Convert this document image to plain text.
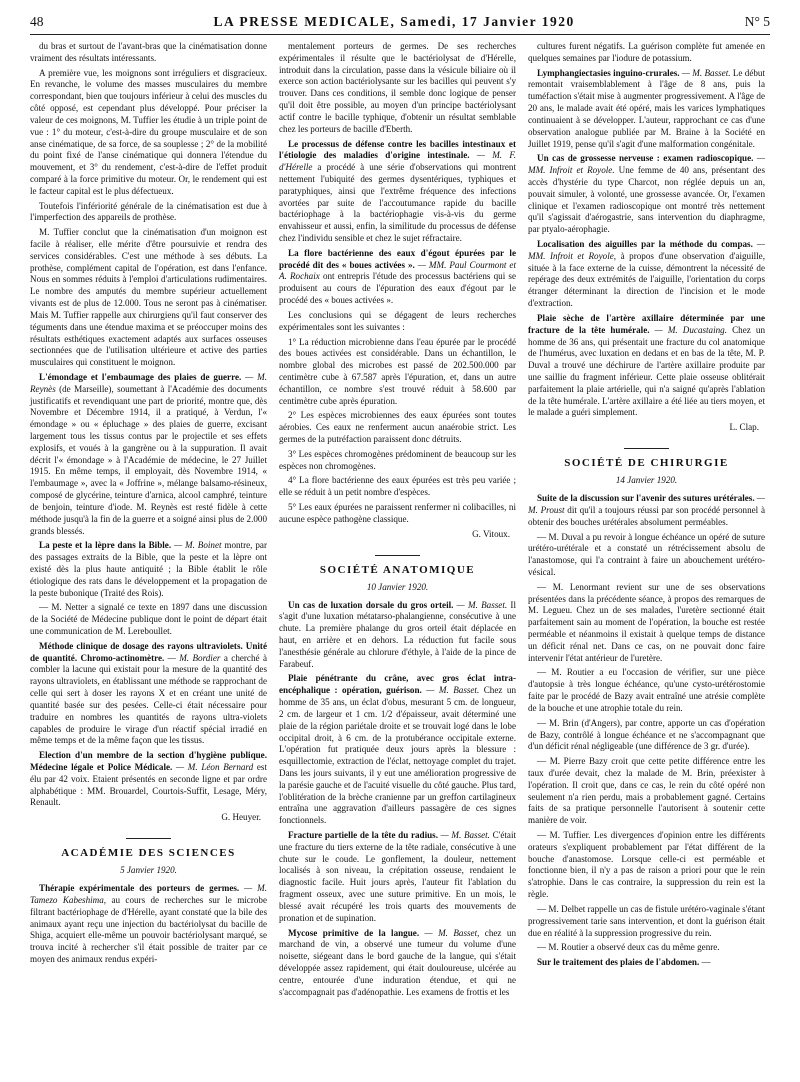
48	LA PRESSE MEDICALE, Samedi, 17 Janvier 1920	N° 5

du bras et surtout de l'avant-bras que la cinématisation donne vraiment des résultats intéressants.

A première vue, les moignons sont irréguliers et disgracieux. En revanche, le volume des masses musculaires du membre correspondant, bien que toujours inférieur à celui des muscles du côté opposé, est cependant plus développé. Pour préciser la valeur de ces moignons, M. Tuffier les étudie à un triple point de vue : 1° du moteur, c'est-à-dire du groupe musculaire et de son anse cinématique, de sa force, de sa souplesse ; 2° de la mobilité du point fixé de l'anse cinématique qui donnera l'étendue du mouvement, et 3° du rendement, c'est-à-dire de l'effet produit comparé à la force primitive du moteur. Or, le rendement qui est le facteur capital est le plus défectueux.

Toutefois l'infériorité générale de la cinématisation est due à l'imperfection des appareils de prothèse.

M. Tuffier conclut que la cinématisation d'un moignon est facile à réaliser, elle mérite d'être poursuivie et rendra des services considérables. C'est une méthode à ses débuts. La prothèse, complément capital de l'opération, est dans l'enfance. Nous en sommes réduits à l'emploi d'articulations rudimentaires. Le nombre des amputés du membre supérieur actuellement vivants est de plus de 12.000. Tous ne seront pas à cinématiser. Mais M. Tuffier rappelle aux chirurgiens qu'il faut conserver des téguments dans une étendue maxima et se préoccuper moins des résultats esthétiques exactement adaptés aux surfaces osseuses sectionnées que de l'utilisation ultérieure et active des parties musculaires qui constituent le moignon.

L'émondage et l'embaumage des plaies de guerre. — M. Reynès (de Marseille), soumettant à l'Académie des documents justificatifs et revendiquant une part de priorité, montre que, dès Novembre et Décembre 1914, il a pratiqué, à Verdun, l'« émondage » ou « épluchage » des plaies de guerre, excisant largement tous les tissus contus par le projectile et ses effets explosifs, et voués à la gangrène ou à la suppuration. Il avait décrit l'« émondage » à l'Académie de médecine, le 27 Juillet 1915. En même temps, il employait, dès Novembre 1914, « l'embaumage », avec la « Joffrine », mélange balsamo-résineux, composé de glycérine, teinture d'arnica, alcool camphré, teinture de benjoin, teinture d'iode. M. Reynès est resté fidèle à cette méthode jusqu'à la fin de la guerre et a soigné ainsi plus de 2.000 grands blessés.

La peste et la lèpre dans la Bible. — M. Boinet montre, par des passages extraits de la Bible, que la peste et la lèpre ont existé dès la plus haute antiquité ; la Bible établit le rôle étiologique des rats dans le développement et la propagation de la peste bubonique (Traité des Rois).

— M. Netter a signalé ce texte en 1897 dans une discussion de la Société de Médecine publique dont le point de départ était une communication de M. Lereboullet.

Méthode clinique de dosage des rayons ultraviolets. Unité de quantité. Chromo-actinomètre. — M. Bordier a cherché à combler la lacune qui existait pour la mesure de la quantité des rayons ultraviolets, en établissant une méthode se rapprochant de celle qui sert à doser les rayons X et en créant une unité de quantité basée sur des pesées. Celle-ci était nécessaire pour traduire en nombres les quantités de rayons ultra-violets capables de produire le virage d'un réactif spécial irradié en même temps et de la même façon que les tissus.

Election d'un membre de la section d'hygiène publique. Médecine légale et Police Médicale. — M. Léon Bernard est élu par 42 voix. Etaient présentés en seconde ligne et par ordre alphabétique : MM. Brouardel, Courtois-Suffit, Lesage, Méry, Renault.

G. Heuyer.
ACADÉMIE DES SCIENCES
5 Janvier 1920.

Thérapie expérimentale des porteurs de germes. — M. Tamezo Kabeshima, au cours de recherches sur le microbe filtrant bactériophage de d'Hérelle, ayant constaté que la bile des animaux ayant reçu une injection du bactériolysat du bacille de Shiga, acquiert elle-même un pouvoir bactériolysant marqué, se trouva incité à rechercher s'il était possible de traiter par ce moyen des animaux rendus expéri-

mentalement porteurs de germes. De ses recherches expérimentales il résulte que le bactériolysat de d'Hérelle, introduit dans la circulation, passe dans la vésicule biliaire où il exerce son action bactériolysante sur les bacilles qui peuvent s'y trouver. Dans ces conditions, il semble donc logique de penser qu'il doit être possible, au moyen d'un principe bactériolysant actif contre le bacille typhique, d'obtenir un résultat semblable chez les porteurs de bacille d'Eberth.

Le processus de défense contre les bacilles intestinaux et l'étiologie des maladies d'origine intestinale. — M. F. d'Hérelle a procédé à une série d'observations qui montrent nettement l'ubiquité des germes dysentériques, typhiques et paratyphiques, ainsi que l'extrême fréquence des infections avortées par suite de l'accoutumance rapide du bacille bactériophage à la bactériophagie vis-à-vis du germe envahisseur et aussi, enfin, la similitude du processus de défense chez l'individu sensible et chez le sujet réfractaire.

La flore bactérienne des eaux d'égout épurées par le procédé dit des « boues activées ». — MM. Paul Courmont et A. Rochaix ont entrepris l'étude des processus bactériens qui se produisent au cours de l'épuration des eaux d'égout par le procédé des « boues activées ».

Les conclusions qui se dégagent de leurs recherches expérimentales sont les suivantes :

1° La réduction microbienne dans l'eau épurée par le procédé des boues activées est considérable. Dans un échantillon, le nombre global des microbes est passé de 202.500.000 par centimètre cube à 67.587 après l'épuration, et, dans un autre échantillon, ce nombre s'est trouvé réduit à 58.600 par centimètre cube après épuration.

2° Les espèces microbiennes des eaux épurées sont toutes aérobies. Ces eaux ne renferment aucun anaérobie strict. Les germes de la putréfaction paraissent donc détruits.

3° Les espèces chromogènes prédominent de beaucoup sur les espèces non chromogènes.

4° La flore bactérienne des eaux épurées est très peu variée ; elle se réduit à un petit nombre d'espèces.

5° Les eaux épurées ne paraissent renfermer ni colibacilles, ni aucune espèce pathogène classique.

G. Vitoux.
SOCIÉTÉ ANATOMIQUE
10 Janvier 1920.

Un cas de luxation dorsale du gros orteil. — M. Basset. Il s'agit d'une luxation métatarso-phalangienne, consécutive à une chute. La première phalange du gros orteil était déplacée en haut, en arrière et en dehors. La réduction fut facile sous l'anesthésie générale au chlorure d'éthyle, à l'aide de la pince de Farabeuf.

Plaie pénétrante du crâne, avec gros éclat intra-encéphalique : opération, guérison. — M. Basset. Chez un homme de 35 ans, un éclat d'obus, mesurant 5 cm. de longueur, 2 cm. de largeur et 1 cm. 1/2 d'épaisseur, avait déterminé une plaie de la région pariétale droite et se trouvait logé dans le lobe occipital droit, à 6 cm. de la protubérance occipitale externe. L'opération fut pratiquée deux jours après la blessure : esquillectomie, extraction de l'éclat, nettoyage complet du trajet. Dans les jours suivants, il y eut une amélioration progressive de la parésie gauche et de l'acuité visuelle du côté gauche. Plus tard, l'oblitération de la brèche cranienne par un greffon cartilagineux entraîna une aggravation d'ailleurs passagère de ces signes fonctionnels.

Fracture partielle de la tête du radius. — M. Basset. C'était une fracture du tiers externe de la tête radiale, consécutive à une chute sur le coude. Le gonflement, la douleur, nettement localisés à son niveau, la crépitation osseuse, rendaient le diagnostic facile. Huit jours après, l'auteur fit l'ablation du fragment osseux, avec une suture primitive. En un mois, le blessé avait récupéré les trois quarts des mouvements de pronation et de supination.

Mycose primitive de la langue. — M. Basset, chez un marchand de vin, a observé une tumeur du volume d'une noisette, siégeant dans le bord gauche de la langue, qui s'était développée assez rapidement, qui était douloureuse, ulcérée au centre, entourée d'une induration étendue, et qui ne s'accompagnait pas d'adénopathie. Les examens de frottis et les

cultures furent négatifs. La guérison complète fut amenée en quelques semaines par l'iodure de potassium.

Lymphangiectasies inguino-crurales. — M. Basset. Le début remontait vraisemblablement à l'âge de 8 ans, puis la tuméfaction s'était mise à augmenter progressivement. A l'âge de 20 ans, le malade avait été opéré, mais les varices lymphatiques continuaient à se développer. L'auteur, rapprochant ce cas d'une observation analogue publiée par M. Braine à la Société en Juillet 1919, pense qu'il s'agit d'une malformation congénitale.

Un cas de grossesse nerveuse : examen radioscopique. — MM. Infroit et Royole. Une femme de 40 ans, présentant des accès d'hystérie du type Charcot, non réglée depuis un an, pouvait simuler, à volonté, une grossesse avancée. Or, l'examen clinique et l'examen radioscopique ont montré très nettement qu'il s'agissait d'aérogastrie, sans intervention du diaphragme, par ptyalo-aérophagie.

Localisation des aiguilles par la méthode du compas. — MM. Infroit et Royole, à propos d'une observation d'aiguille, située à la face externe de la cuisse, démontrent la nécessité de repérage des deux extrémités de l'aiguille, l'orientation du corps étranger déterminant la direction de l'incision et le mode d'extraction.

Plaie sèche de l'artère axillaire déterminée par une fracture de la tête humérale. — M. Ducastaing. Chez un homme de 36 ans, qui présentait une fracture du col anatomique de l'humérus, avec luxation en dedans et en bas de la tête, M. P. Duval a trouvé une déchirure de l'artère axillaire produite par une saillie du fragment inférieur. Cette plaie osseuse oblitérait parfaitement la plaie artérielle, qui n'a saigné qu'après l'ablation de la tête humérale. L'artère axillaire a été liée au tiers moyen, et le malade a guéri simplement.

L. Clap.
SOCIÉTÉ DE CHIRURGIE
14 Janvier 1920.

Suite de la discussion sur l'avenir des sutures urétérales. — M. Proust dit qu'il a toujours réussi par son procédé personnel à obtenir des bouches urétérales absolument perméables.

— M. Duval a pu revoir à longue échéance un opéré de suture urétéro-urétérale et a constaté un rétrécissement absolu de l'anastomose, qui l'a contraint à faire un abouchement urétéro-vésical.

— M. Lenormant revient sur une de ses observations présentées dans la précédente séance, à propos des remarques de M. Legueu. Chez un de ses malades, l'uretère sectionné était parfaitement sain au moment de l'opération, la bouche est restée perméable et néanmoins il existait à quelque temps de distance un déficit rénal net. Dans ce cas, on ne pouvait donc faire intervenir l'état antérieur de l'uretère.

— M. Routier a eu l'occasion de vérifier, sur une pièce d'autopsie à très longue échéance, qu'une cysto-urétérostomie faite par le procédé de Bazy avait entraîné une atrésie complète de la bouche et une atrophie totale du rein.

— M. Brin (d'Angers), par contre, apporte un cas d'opération de Bazy, contrôlé à longue échéance et ne s'accompagnant que d'un déficit rénal négligeable (une différence de 3 gr. d'urée).

— M. Pierre Bazy croit que cette petite différence entre les taux d'urée devait, chez la malade de M. Brin, préexister à l'opération. Il croit que, dans ce cas, le rein du côté opéré non seulement n'a rien perdu, mais a probablement gagné. Certains faits de sa pratique personnelle l'autorisent à soutenir cette manière de voir.

— M. Tuffier. Les divergences d'opinion entre les différents orateurs s'expliquent probablement par l'état différent de la bouche d'anastomose. Lorsque celle-ci est perméable et fonctionne bien, il n'y a pas de raison a priori pour que le rein s'atrophie. Dans le cas contraire, la suppression du rein est la règle.

— M. Delbet rappelle un cas de fistule urétéro-vaginale s'étant progressivement tarie sans intervention, et dont la guérison était due en réalité à la suppression progressive du rein.

— M. Routier a observé deux cas du même genre.

Sur le traitement des plaies de l'abdomen. —
